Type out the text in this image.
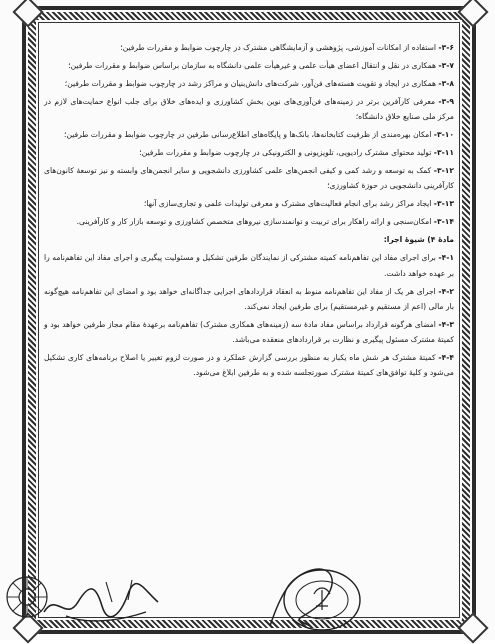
۳-۶- استفاده از امکانات آموزشی، پژوهشی و آزمایشگاهی مشترک در چارچوب ضوابط و مقررات طرفین؛

۳-۷- همکاری در نقل و انتقال اعضای هیأت علمی و غیرهیأت علمی دانشگاه به سازمان براساس ضوابط و مقررات طرفین؛

۳-۸- همکاری در ایجاد و تقویت هسته‌های فن‌آور، شرکت‌های دانش‌بنیان و مراکز رشد در چارچوب ضوابط و مقررات طرفین؛

۳-۹- معرفی کارآفرین برتر در زمینه‌های فن‌آوری‌های نوین بخش کشاورزی و ایده‌های خلاق برای جلب انواع حمایت‌های لازم در مرکز ملی صنایع خلاق دانشگاه؛

۳-۱۰- امکان بهره‌مندی از ظرفیت کتابخانه‌ها، بانک‌ها و پایگاه‌های اطلاع‌رسانی طرفین در چارچوب ضوابط و مقررات طرفین؛

۳-۱۱- تولید محتوای مشترک رادیویی، تلویزیونی و الکترونیکی در چارچوب ضوابط و مقررات طرفین؛

۳-۱۲- کمک به توسعه و رشد کمی و کیفی انجمن‌های علمی کشاورزی دانشجویی و سایر انجمن‌های وابسته و نیز توسعهٔ کانون‌های کارآفرینی دانشجویی در حوزهٔ کشاورزی؛

۳-۱۳- ایجاد مراکز رشد برای انجام فعالیت‌های مشترک و معرفی تولیدات علمی و تجاری‌سازی آنها؛

۳-۱۴- امکان‌سنجی و ارائه راهکار برای تربیت و توانمندسازی نیروهای متخصص کشاورزی و توسعه بازار کار و کارآفرینی.

مادهٔ ۴) شیوهٔ اجرا:

۴-۱- برای اجرای مفاد این تفاهم‌نامه کمیته مشترکی از نمایندگان طرفین تشکیل و مسئولیت پیگیری و اجرای مفاد این تفاهم‌نامه را بر عهده خواهد داشت.

۴-۲- اجرای هر یک از مفاد این تفاهم‌نامه منوط به انعقاد قراردادهای اجرایی جداگانه‌ای خواهد بود و امضای این تفاهم‌نامه هیچ‌گونه بار مالی (اعم از مستقیم و غیرمستقیم) برای طرفین ایجاد نمی‌کند.

۴-۳- امضای هرگونه قرارداد براساس مفاد مادهٔ سه (زمینه‌های همکاری مشترک) تفاهم‌نامه برعهدهٔ مقام مجاز طرفین خواهد بود و کمیتهٔ مشترک مسئول پیگیری و نظارت بر قراردادهای منعقده می‌باشد.

۴-۴- کمیتهٔ مشترک هر شش ماه یکبار به منظور بررسی گزارش عملکرد و در صورت لزوم تغییر یا اصلاح برنامه‌های کاری تشکیل می‌شود و کلیهٔ توافق‌های کمیتهٔ مشترک صورتجلسه شده و به طرفین ابلاغ می‌شود.
